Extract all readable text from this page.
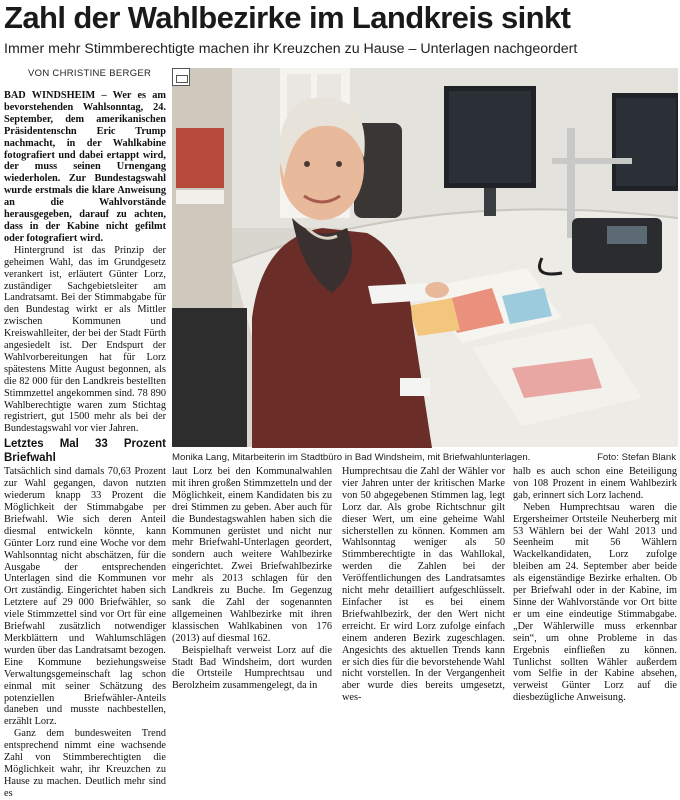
Zahl der Wahlbezirke im Landkreis sinkt
Immer mehr Stimmberechtigte machen ihr Kreuzchen zu Hause – Unterlagen nachgeordert
VON CHRISTINE BERGER

BAD WINDSHEIM – Wer es am bevorstehenden Wahlsonntag, 24. September, dem amerikanischen Präsidentenschn Eric Trump nachmacht, in der Wahlkabine fotografiert und dabei ertappt wird, der muss seinen Urnengang wiederholen. Zur Bundestagswahl wurde erstmals die klare Anweisung an die Wahlvorstände herausgegeben, darauf zu achten, dass in der Kabine nicht gefilmt oder fotografiert wird.

Hintergrund ist das Prinzip der geheimen Wahl, das im Grundgesetz verankert ist, erläutert Günter Lorz, zuständiger Sachgebietsleiter am Landratsamt. Bei der Stimmabgabe für den Bundestag wirkt er als Mittler zwischen Kommunen und Kreiswahlleiter, der bei der Stadt Fürth angesiedelt ist. Der Endspurt der Wahlvorbereitungen hat für Lorz spätestens Mitte August begonnen, als die 82 000 für den Landkreis bestellten Stimmzettel angekommen sind. 78 890 Wahlberechtigte waren zum Stichtag registriert, gut 1500 mehr als bei der Bundestagswahl vor vier Jahren.

Letztes Mal 33 Prozent Briefwahl

Tatsächlich sind damals 70,63 Prozent zur Wahl gegangen, davon nutzten wiederum knapp 33 Prozent die Möglichkeit der Stimmabgabe per Briefwahl. Wie sich deren Anteil diesmal entwickeln könnte, kann Günter Lorz rund eine Woche vor dem Wahlsonntag nicht abschätzen, für die Ausgabe der entsprechenden Unterlagen sind die Kommunen vor Ort zuständig. Eingerichtet haben sich Letztere auf 29 000 Briefwähler, so viele Stimmzettel sind vor Ort für eine Briefwahl zusätzlich notwendiger Merkblättern und Wahlumschlägen wurden über das Landratsamt bezogen. Eine Kommune beziehungsweise Verwaltungsgemeinschaft lag schon einmal mit seiner Schätzung des potenziellen Briefwähler-Anteils daneben und musste nachbestellen, erzählt Lorz.

Ganz dem bundesweiten Trend entsprechend nimmt eine wachsende Zahl von Stimmberechtigten die Möglichkeit wahr, ihr Kreuzchen zu Hause zu machen. Deutlich mehr sind es

Monika Lang, Mitarbeiterin im Stadtbüro in Bad Windsheim, mit Briefwahlunterlagen.	Foto: Stefan Blank

laut Lorz bei den Kommunalwahlen mit ihren großen Stimmzetteln und der Möglichkeit, einem Kandidaten bis zu drei Stimmen zu geben. Aber auch für die Bundestagswahlen haben sich die Kommunen gerüstet und nicht nur mehr Briefwahl-Unterlagen geordert, sondern auch weitere Wahlbezirke eingerichtet. Zwei Briefwahlbezirke mehr als 2013 schlagen für den Landkreis zu Buche. Im Gegenzug sank die Zahl der sogenannten allgemeinen Wahlbezirke mit ihren klassischen Wahlkabinen von 176 (2013) auf diesmal 162.

Beispielhaft verweist Lorz auf die Stadt Bad Windsheim, dort wurden die Ortsteile Humprechtsau und Berolzheim zusammengelegt, da in

Humprechtsau die Zahl der Wähler vor vier Jahren unter der kritischen Marke von 50 abgegebenen Stimmen lag, legt Lorz dar. Als grobe Richtschnur gilt dieser Wert, um eine geheime Wahl sicherstellen zu können. Kommen am Wahlsonntag weniger als 50 Stimmberechtigte in das Wahllokal, werden die Zahlen bei der Veröffentlichungen des Landratsamtes nicht mehr detailliert aufgeschlüsselt. Einfacher ist es bei einem Briefwahlbezirk, der den Wert nicht erreicht. Er wird Lorz zufolge einfach einem anderen Bezirk zugeschlagen. Angesichts des aktuellen Trends kann er sich dies für die bevorstehende Wahl nicht vorstellen. In der Vergangenheit aber wurde dies bereits umgesetzt, wes-

halb es auch schon eine Beteiligung von 108 Prozent in einem Wahlbezirk gab, erinnert sich Lorz lachend.

Neben Humprechtsau waren die Ergersheimer Ortsteile Neuherberg mit 53 Wählern bei der Wahl 2013 und Seenheim mit 56 Wählern Wackelkandidaten, Lorz zufolge bleiben am 24. September aber beide als eigenständige Bezirke erhalten. Ob per Briefwahl oder in der Kabine, im Sinne der Wahlvorstände vor Ort bitte er um eine eindeutige Stimmabgabe. „Der Wählerwille muss erkennbar sein“, um ohne Probleme in das Ergebnis einfließen zu können. Tunlichst sollten Wähler außerdem vom Selfie in der Kabine absehen, verweist Günter Lorz auf die diesbezügliche Anweisung.
